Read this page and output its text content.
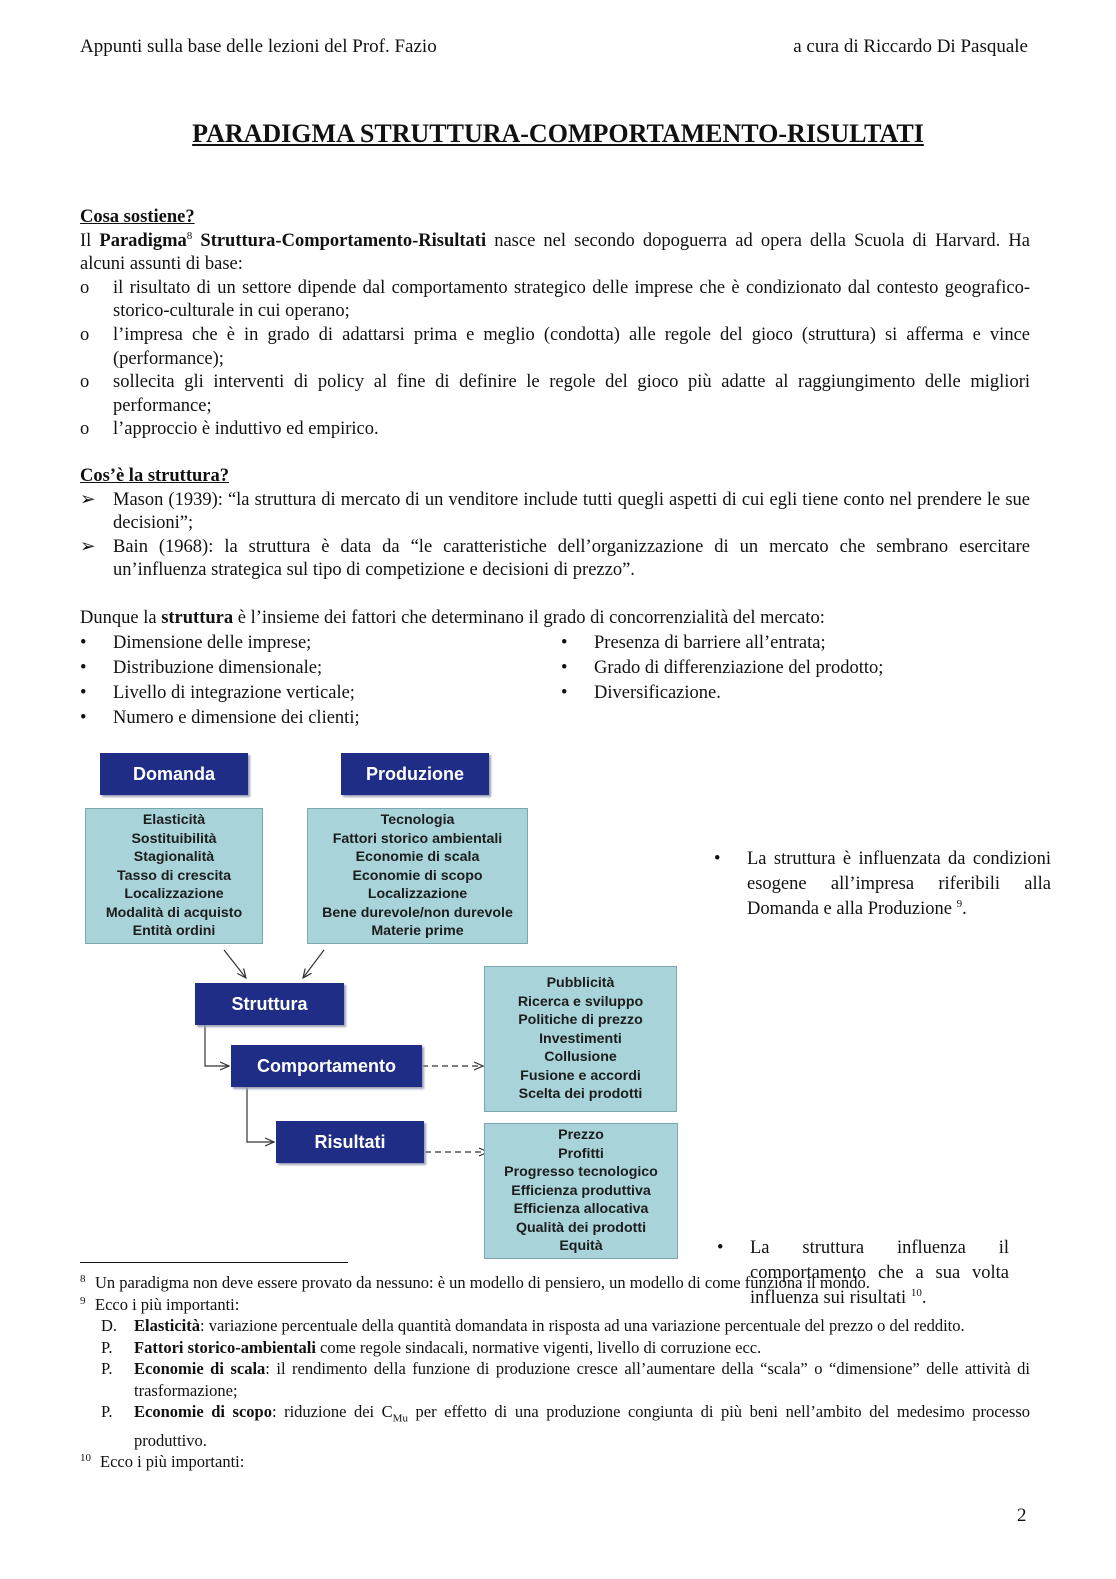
Appunti sulla base delle lezioni del Prof. Fazio	a cura di Riccardo Di Pasquale
PARADIGMA STRUTTURA-COMPORTAMENTO-RISULTATI
Cosa sostiene?

Il Paradigma$^8$ Struttura-Comportamento-Risultati nasce nel secondo dopoguerra ad opera della Scuola di Harvard. Ha alcuni assunti di base:

o	il risultato di un settore dipende dal comportamento strategico delle imprese che è condizionato dal contesto geografico-storico-culturale in cui operano;
o	l’impresa che è in grado di adattarsi prima e meglio (condotta) alle regole del gioco (struttura) si afferma e vince (performance);
o	sollecita gli interventi di policy al fine di definire le regole del gioco più adatte al raggiungimento delle migliori performance;
o	l’approccio è induttivo ed empirico.
Cos’è la struttura?
➢ Mason (1939): “la struttura di mercato di un venditore include tutti quegli aspetti di cui egli tiene conto nel prendere le sue decisioni”;
➢ Bain (1968): la struttura è data da “le caratteristiche dell’organizzazione di un mercato che sembrano esercitare un’influenza strategica sul tipo di competizione e decisioni di prezzo”.

Dunque la struttura è l’insieme dei fattori che determinano il grado di concorrenzialità del mercato:

•	Dimensione delle imprese;
•	Distribuzione dimensionale;
•	Livello di integrazione verticale;
•	Numero e dimensione dei clienti;
•	Presenza di barriere all’entrata;
•	Grado di differenziazione del prodotto;
•	Diversificazione.
Domanda	Produzione
Elasticità
Sostituibilità
Stagionalità
Tasso di crescita
Localizzazione
Modalità di acquisto
Entità ordini
Tecnologia
Fattori storico ambientali
Economie di scala
Economie di scopo
Localizzazione
Bene durevole/non durevole
Materie prime
Struttura
Comportamento
Risultati
Pubblicità
Ricerca e sviluppo
Politiche di prezzo
Investimenti
Collusione
Fusione e accordi
Scelta dei prodotti
Prezzo
Profitti
Progresso tecnologico
Efficienza produttiva
Efficienza allocativa
Qualità dei prodotti
Equità
•	La struttura è influenzata da condizioni esogene all’impresa riferibili alla Domanda e alla Produzione $^9$.
•	La struttura influenza il comportamento che a sua volta influenza sui risultati $^{10}$.
8 Un paradigma non deve essere provato da nessuno: è un modello di pensiero, un modello di come funziona il mondo.
9 Ecco i più importanti:
D. Elasticità: variazione percentuale della quantità domandata in risposta ad una variazione percentuale del prezzo o del reddito.
P. Fattori storico-ambientali come regole sindacali, normative vigenti, livello di corruzione ecc.
P. Economie di scala: il rendimento della funzione di produzione cresce all’aumentare della “scala” o “dimensione” delle attività di trasformazione;
P. Economie di scopo: riduzione dei $C_{Mu}$ per effetto di una produzione congiunta di più beni nell’ambito del medesimo processo produttivo.
10 Ecco i più importanti:
2
